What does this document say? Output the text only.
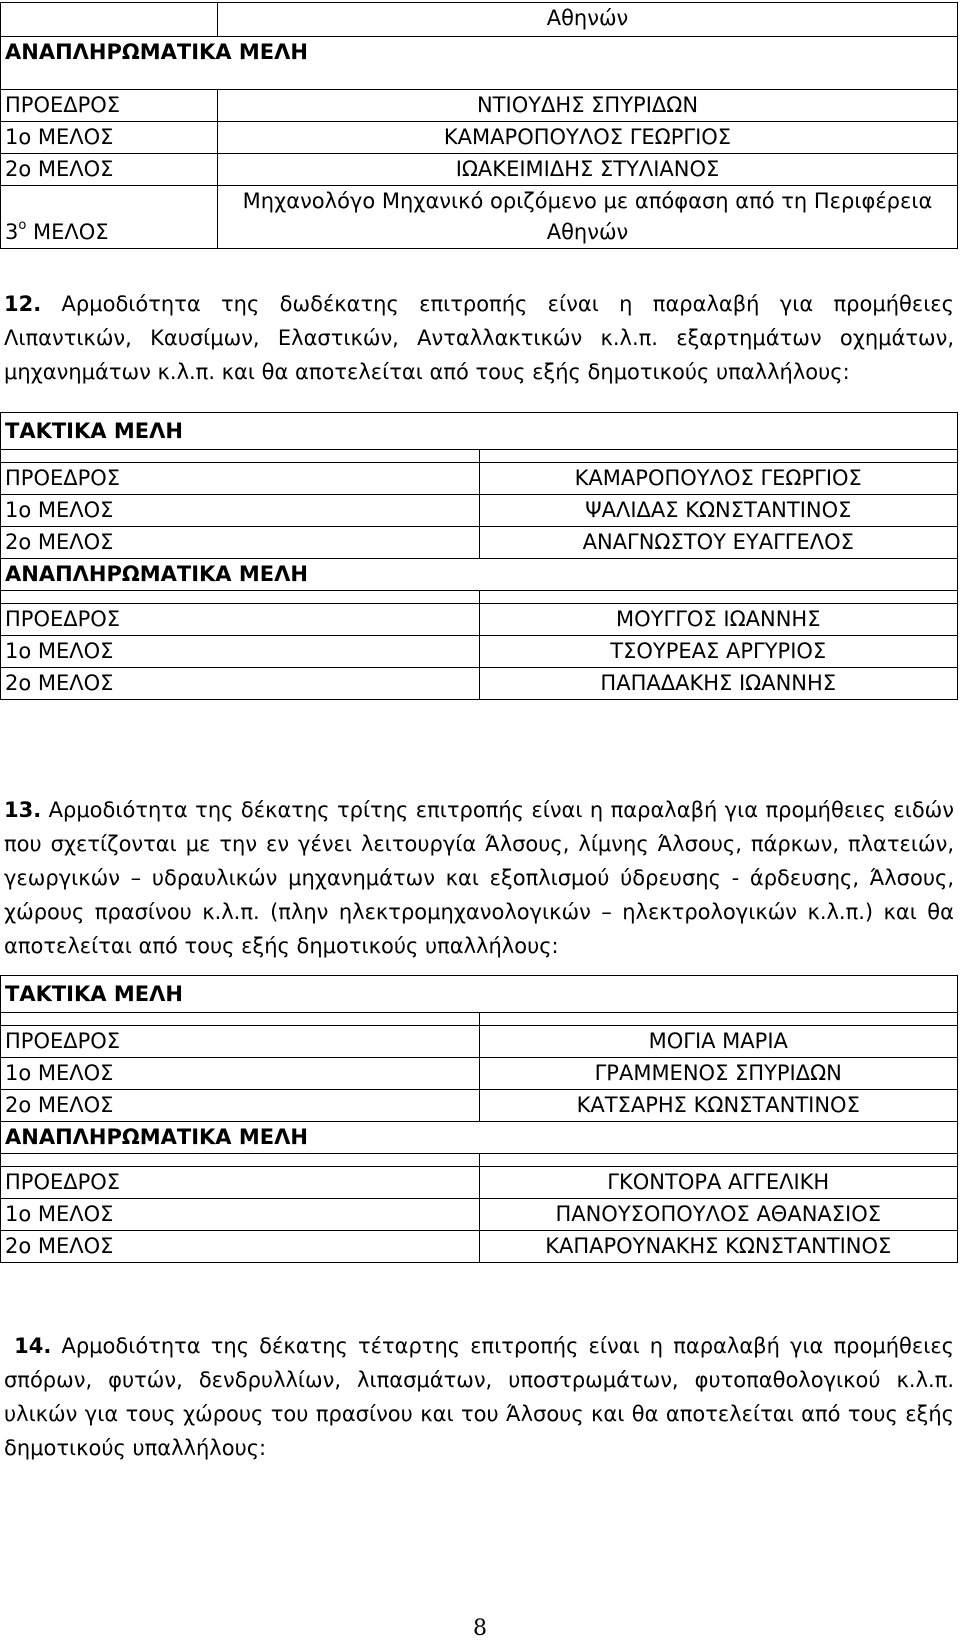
	Αθηνών
ΑΝΑΠΛΗΡΩΜΑΤΙΚΑ ΜΕΛΗ	
ΠΡΟΕΔΡΟΣ	ΝΤΙΟΥΔΗΣ ΣΠΥΡΙΔΩΝ
1ο ΜΕΛΟΣ	ΚΑΜΑΡΟΠΟΥΛΟΣ ΓΕΩΡΓΙΟΣ
2ο ΜΕΛΟΣ	ΙΩΑΚΕΙΜΙΔΗΣ ΣΤΥΛΙΑΝΟΣ
$3^o$ ΜΕΛΟΣ	Μηχανολόγο Μηχανικό οριζόμενο με απόφαση από τη Περιφέρεια
Αθηνών
12. Αρμοδιότητα της δωδέκατης επιτροπής είναι η παραλαβή για προμήθειες Λιπαντικών, Καυσίμων, Ελαστικών, Ανταλλακτικών κ.λ.π. εξαρτημάτων οχημάτων, μηχανημάτων κ.λ.π. και θα αποτελείται από τους εξής δημοτικούς υπαλλήλους:
ΤΑΚΤΙΚΑ ΜΕΛΗ	

ΠΡΟΕΔΡΟΣ	ΚΑΜΑΡΟΠΟΥΛΟΣ ΓΕΩΡΓΙΟΣ
1ο ΜΕΛΟΣ	ΨΑΛΙΔΑΣ ΚΩΝΣΤΑΝΤΙΝΟΣ
2ο ΜΕΛΟΣ	ΑΝΑΓΝΩΣΤΟΥ ΕΥΑΓΓΕΛΟΣ
ΑΝΑΠΛΗΡΩΜΑΤΙΚΑ ΜΕΛΗ	

ΠΡΟΕΔΡΟΣ	ΜΟΥΓΓΟΣ ΙΩΑΝΝΗΣ
1ο ΜΕΛΟΣ	ΤΣΟΥΡΕΑΣ ΑΡΓΥΡΙΟΣ
2ο ΜΕΛΟΣ	ΠΑΠΑΔΑΚΗΣ ΙΩΑΝΝΗΣ
13. Αρμοδιότητα της δέκατης τρίτης επιτροπής είναι η παραλαβή για προμήθειες ειδών που σχετίζονται με την εν γένει λειτουργία Άλσους, λίμνης Άλσους, πάρκων, πλατειών, γεωργικών – υδραυλικών μηχανημάτων και εξοπλισμού ύδρευσης - άρδευσης, Άλσους, χώρους πρασίνου κ.λ.π. (πλην ηλεκτρομηχανολογικών – ηλεκτρολογικών κ.λ.π.) και θα αποτελείται από τους εξής δημοτικούς υπαλλήλους:
ΤΑΚΤΙΚΑ ΜΕΛΗ	

ΠΡΟΕΔΡΟΣ	ΜΟΓΙΑ ΜΑΡΙΑ
1ο ΜΕΛΟΣ	ΓΡΑΜΜΕΝΟΣ ΣΠΥΡΙΔΩΝ
2ο ΜΕΛΟΣ	ΚΑΤΣΑΡΗΣ ΚΩΝΣΤΑΝΤΙΝΟΣ
ΑΝΑΠΛΗΡΩΜΑΤΙΚΑ ΜΕΛΗ	

ΠΡΟΕΔΡΟΣ	ΓΚΟΝΤΟΡΑ ΑΓΓΕΛΙΚΗ
1ο ΜΕΛΟΣ	ΠΑΝΟΥΣΟΠΟΥΛΟΣ ΑΘΑΝΑΣΙΟΣ
2ο ΜΕΛΟΣ	ΚΑΠΑΡΟΥΝΑΚΗΣ ΚΩΝΣΤΑΝΤΙΝΟΣ
14. Αρμοδιότητα της δέκατης τέταρτης επιτροπής είναι η παραλαβή για προμήθειες σπόρων, φυτών, δενδρυλλίων, λιπασμάτων, υποστρωμάτων, φυτοπαθολογικού κ.λ.π. υλικών για τους χώρους του πρασίνου και του Άλσους και θα αποτελείται από τους εξής δημοτικούς υπαλλήλους:
8
